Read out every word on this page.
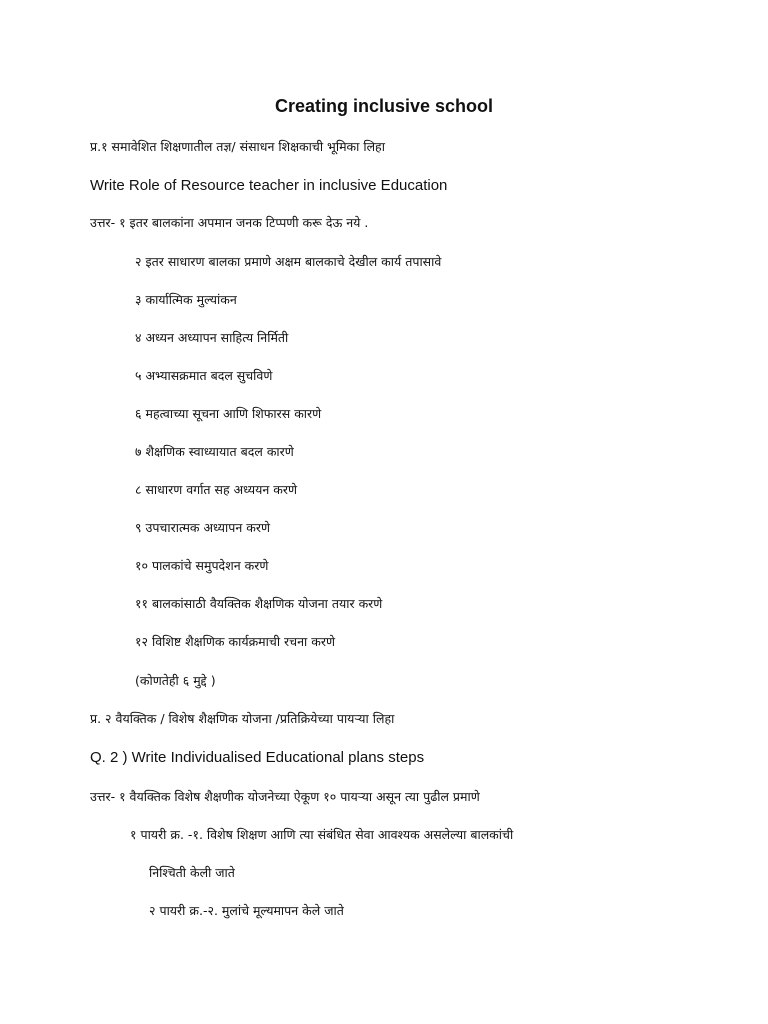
Creating inclusive school
प्र.१ समावेशित शिक्षणातील तज्ञ/ संसाधन शिक्षकाची भूमिका लिहा
Write Role of Resource teacher in inclusive Education
उत्तर- १ इतर बालकांना अपमान जनक टिप्पणी करू देऊ नये .
२ इतर साधारण बालका प्रमाणे अक्षम बालकाचे देखील कार्य तपासावे
३ कार्यात्मिक मुल्यांकन
४ अध्यन अध्यापन साहित्य निर्मिती
५ अभ्यासक्रमात बदल सुचविणे
६ महत्वाच्या सूचना आणि शिफारस कारणे
७ शैक्षणिक स्वाध्यायात बदल कारणे
८ साधारण वर्गात सह अध्ययन करणे
९ उपचारात्मक अध्यापन करणे
१० पालकांचे समुपदेशन करणे
११ बालकांसाठी वैयक्तिक शैक्षणिक योजना तयार करणे
१२ विशिष्ट शैक्षणिक कार्यक्रमाची रचना करणे
(कोणतेही ६ मुद्दे )
प्र. २ वैयक्तिक / विशेष शैक्षणिक योजना /प्रतिक्रियेच्या पायऱ्या लिहा
Q. 2 ) Write Individualised Educational plans steps
उत्तर- १ वैयक्तिक विशेष शैक्षणीक योजनेच्या ऐकूण १० पायऱ्या असून त्या पुढील प्रमाणे
१ पायरी क्र. -१. विशेष शिक्षण आणि त्या संबंधित सेवा आवश्यक असलेल्या बालकांची
निश्चिती केली जाते
२ पायरी क्र.-२. मुलांचे मूल्यमापन केले जाते
